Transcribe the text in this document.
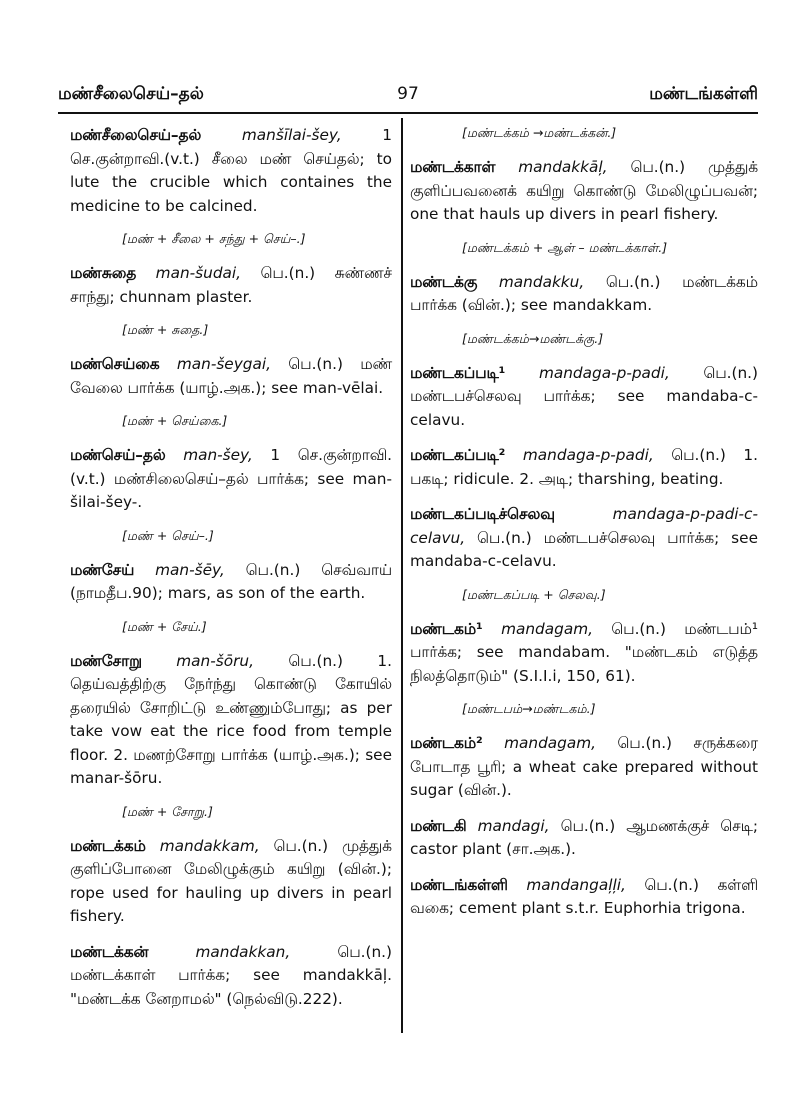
மண்சீலைசெய்–தல்	97	மண்டங்கள்ளி
மண்சீலைசெய்–தல்	manšīlai-šey,	1 செ.குன்றாவி.(v.t.) சீலை மண் செய்தல்; to lute the crucible which containes the medicine to be calcined.
[மண் + சீலை + சந்து + செய்–.]
மண்சுதை man-šudai, பெ.(n.) சுண்ணச் சாந்து; chunnam plaster.
[மண் + சுதை.]
மண்செய்கை man-šeygai, பெ.(n.) மண் வேலை பார்க்க (யாழ்.அக.); see man-vēlai.
[மண் + செய்கை.]
மண்செய்–தல் man-šey, 1 செ.குன்றாவி. (v.t.) மண்சிலைசெய்–தல் பார்க்க; see man-šilai-šey-.
[மண் + செய்–.]
மண்சேய் man-šēy, பெ.(n.) செவ்வாய் (நாமதீப.90); mars, as son of the earth.
[மண் + சேய்.]
மண்சோறு man-šōru, பெ.(n.) 1. தெய்வத்திற்கு நேர்ந்து கொண்டு கோயில் தரையில் சோறிட்டு உண்ணும்போது; as per take vow eat the rice food from temple floor. 2. மணற்சோறு பார்க்க (யாழ்.அக.); see manar-šōru.
[மண் + சோறு.]
மண்டக்கம் mandakkam, பெ.(n.) முத்துக் குளிப்போனை மேலிழுக்கும் கயிறு (வின்.); rope used for hauling up divers in pearl fishery.
மண்டக்கன்	mandakkan,	பெ.(n.) மண்டக்காள் பார்க்க; see mandakkāļ. "மண்டக்க னேறாமல்" (நெல்விடு.222).
[மண்டக்கம் →மண்டக்கன்.]
மண்டக்காள் mandakkāļ, பெ.(n.) முத்துக் குளிப்பவனைக் கயிறு கொண்டு மேலிழுப்பவன்; one that hauls up divers in pearl fishery.
[மண்டக்கம் + ஆள் – மண்டக்காள்.]
மண்டக்கு mandakku, பெ.(n.) மண்டக்கம் பார்க்க (வின்.); see mandakkam.
[மண்டக்கம்→மண்டக்கு.]
மண்டகப்படி¹ mandaga-p-padi, பெ.(n.) மண்டபச்செலவு பார்க்க; see mandaba-c-celavu.
மண்டகப்படி² mandaga-p-padi, பெ.(n.) 1. பகடி; ridicule. 2. அடி; tharshing, beating.
மண்டகப்படிச்செலவு	mandaga-p-padi-c-celavu, பெ.(n.) மண்டபச்செலவு பார்க்க; see mandaba-c-celavu.
[மண்டகப்படி + செலவு.]
மண்டகம்¹ mandagam, பெ.(n.) மண்டபம்¹ பார்க்க; see mandabam. "மண்டகம் எடுத்த நிலத்தொடும்" (S.I.I.i, 150, 61).
[மண்டபம்→மண்டகம்.]
மண்டகம்² mandagam, பெ.(n.) சருக்கரை போடாத பூரி; a wheat cake prepared without sugar (வின்.).
மண்டகி mandagi, பெ.(n.) ஆமணக்குச் செடி; castor plant (சா.அக.).
மண்டங்கள்ளி mandangaļļi, பெ.(n.) கள்ளி வகை; cement plant s.t.r. Euphorhia trigona.
